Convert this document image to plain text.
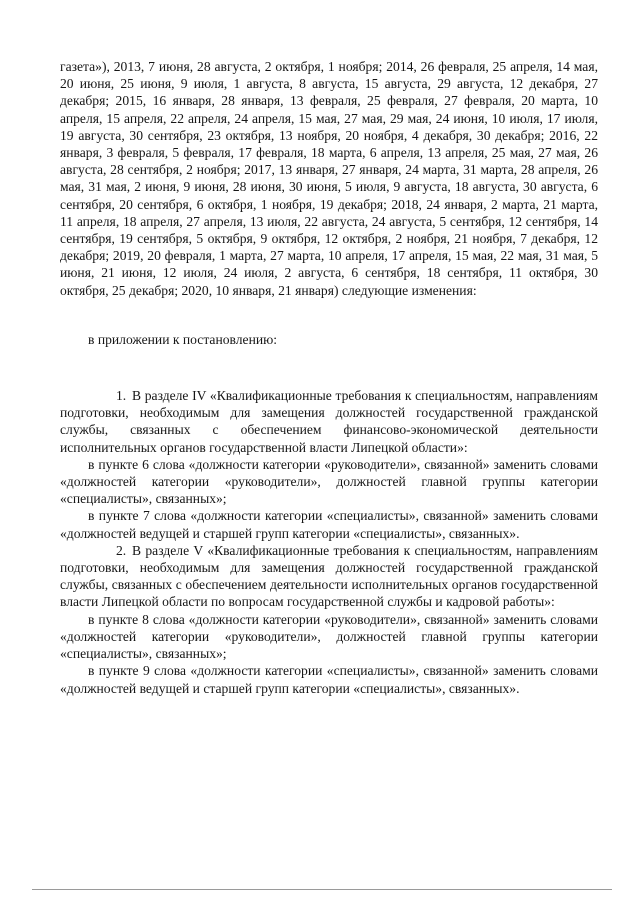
газета»), 2013, 7 июня, 28 августа, 2 октября, 1 ноября; 2014, 26 февраля, 25 апреля, 14 мая, 20 июня, 25 июня, 9 июля, 1 августа, 8 августа, 15 августа, 29 августа, 12 декабря, 27 декабря; 2015, 16 января, 28 января, 13 февраля, 25 февраля, 27 февраля, 20 марта, 10 апреля, 15 апреля, 22 апреля, 24 апреля, 15 мая, 27 мая, 29 мая, 24 июня, 10 июля, 17 июля, 19 августа, 30 сентября, 23 октября, 13 ноября, 20 ноября, 4 декабря, 30 декабря; 2016, 22 января, 3 февраля, 5 февраля, 17 февраля, 18 марта, 6 апреля, 13 апреля, 25 мая, 27 мая, 26 августа, 28 сентября, 2 ноября; 2017, 13 января, 27 января, 24 марта, 31 марта, 28 апреля, 26 мая, 31 мая, 2 июня, 9 июня, 28 июня, 30 июня, 5 июля, 9 августа, 18 августа, 30 августа, 6 сентября, 20 сентября, 6 октября, 1 ноября, 19 декабря; 2018, 24 января, 2 марта, 21 марта, 11 апреля, 18 апреля, 27 апреля, 13 июля, 22 августа, 24 августа, 5 сентября, 12 сентября, 14 сентября, 19 сентября, 5 октября, 9 октября, 12 октября, 2 ноября, 21 ноября, 7 декабря, 12 декабря; 2019, 20 февраля, 1 марта, 27 марта, 10 апреля, 17 апреля, 15 мая, 22 мая, 31 мая, 5 июня, 21 июня, 12 июля, 24 июля, 2 августа, 6 сентября, 18 сентября, 11 октября, 30 октября, 25 декабря; 2020, 10 января, 21 января) следующие изменения:

в приложении к постановлению:

1. В разделе IV «Квалификационные требования к специальностям, направлениям подготовки, необходимым для замещения должностей государственной гражданской службы, связанных с обеспечением финансово-экономической деятельности исполнительных органов государственной власти Липецкой области»:

в пункте 6 слова «должности категории «руководители», связанной» заменить словами «должностей категории «руководители», должностей главной группы категории «специалисты», связанных»;

в пункте 7 слова «должности категории «специалисты», связанной» заменить словами «должностей ведущей и старшей групп категории «специалисты», связанных».

2. В разделе V «Квалификационные требования к специальностям, направлениям подготовки, необходимым для замещения должностей государственной гражданской службы, связанных с обеспечением деятельности исполнительных органов государственной власти Липецкой области по вопросам государственной службы и кадровой работы»:

в пункте 8 слова «должности категории «руководители», связанной» заменить словами «должностей категории «руководители», должностей главной группы категории «специалисты», связанных»;

в пункте 9 слова «должности категории «специалисты», связанной» заменить словами «должностей ведущей и старшей групп категории «специалисты», связанных».
